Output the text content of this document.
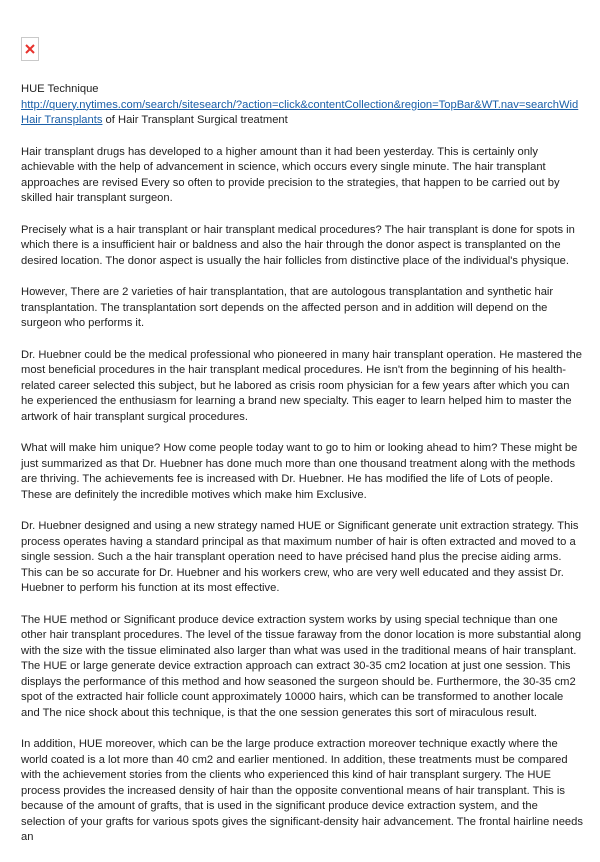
HUE Technique

http://query.nytimes.com/search/sitesearch/?action=click&contentCollection&region=TopBar&WT.nav=searchWid

Hair Transplants of Hair Transplant Surgical treatment

Hair transplant drugs has developed to a higher amount than it had been yesterday. This is certainly only achievable with the help of advancement in science, which occurs every single minute. The hair transplant approaches are revised Every so often to provide precision to the strategies, that happen to be carried out by skilled hair transplant surgeon.

Precisely what is a hair transplant or hair transplant medical procedures? The hair transplant is done for spots in which there is a insufficient hair or baldness and also the hair through the donor aspect is transplanted on the desired location. The donor aspect is usually the hair follicles from distinctive place of the individual's physique.

However, There are 2 varieties of hair transplantation, that are autologous transplantation and synthetic hair transplantation. The transplantation sort depends on the affected person and in addition will depend on the surgeon who performs it.

Dr. Huebner could be the medical professional who pioneered in many hair transplant operation. He mastered the most beneficial procedures in the hair transplant medical procedures. He isn't from the beginning of his health-related career selected this subject, but he labored as crisis room physician for a few years after which you can he experienced the enthusiasm for learning a brand new specialty. This eager to learn helped him to master the artwork of hair transplant surgical procedures.

What will make him unique? How come people today want to go to him or looking ahead to him? These might be just summarized as that Dr. Huebner has done much more than one thousand treatment along with the methods are thriving. The achievements fee is increased with Dr. Huebner. He has modified the life of Lots of people. These are definitely the incredible motives which make him Exclusive.

Dr. Huebner designed and using a new strategy named HUE or Significant generate unit extraction strategy. This process operates having a standard principal as that maximum number of hair is often extracted and moved to a single session. Such a the hair transplant operation need to have précised hand plus the precise aiding arms. This can be so accurate for Dr. Huebner and his workers crew, who are very well educated and they assist Dr. Huebner to perform his function at its most effective.

The HUE method or Significant produce device extraction system works by using special technique than one other hair transplant procedures. The level of the tissue faraway from the donor location is more substantial along with the size with the tissue eliminated also larger than what was used in the traditional means of hair transplant. The HUE or large generate device extraction approach can extract 30-35 cm2 location at just one session. This displays the performance of this method and how seasoned the surgeon should be. Furthermore, the 30-35 cm2 spot of the extracted hair follicle count approximately 10000 hairs, which can be transformed to another locale and The nice shock about this technique, is that the one session generates this sort of miraculous result.

In addition, HUE moreover, which can be the large produce extraction moreover technique exactly where the world coated is a lot more than 40 cm2 and earlier mentioned. In addition, these treatments must be compared with the achievement stories from the clients who experienced this kind of hair transplant surgery. The HUE process provides the increased density of hair than the opposite conventional means of hair transplant. This is because of the amount of grafts, that is used in the significant produce device extraction system, and the selection of your grafts for various spots gives the significant-density hair advancement. The frontal hairline needs an
